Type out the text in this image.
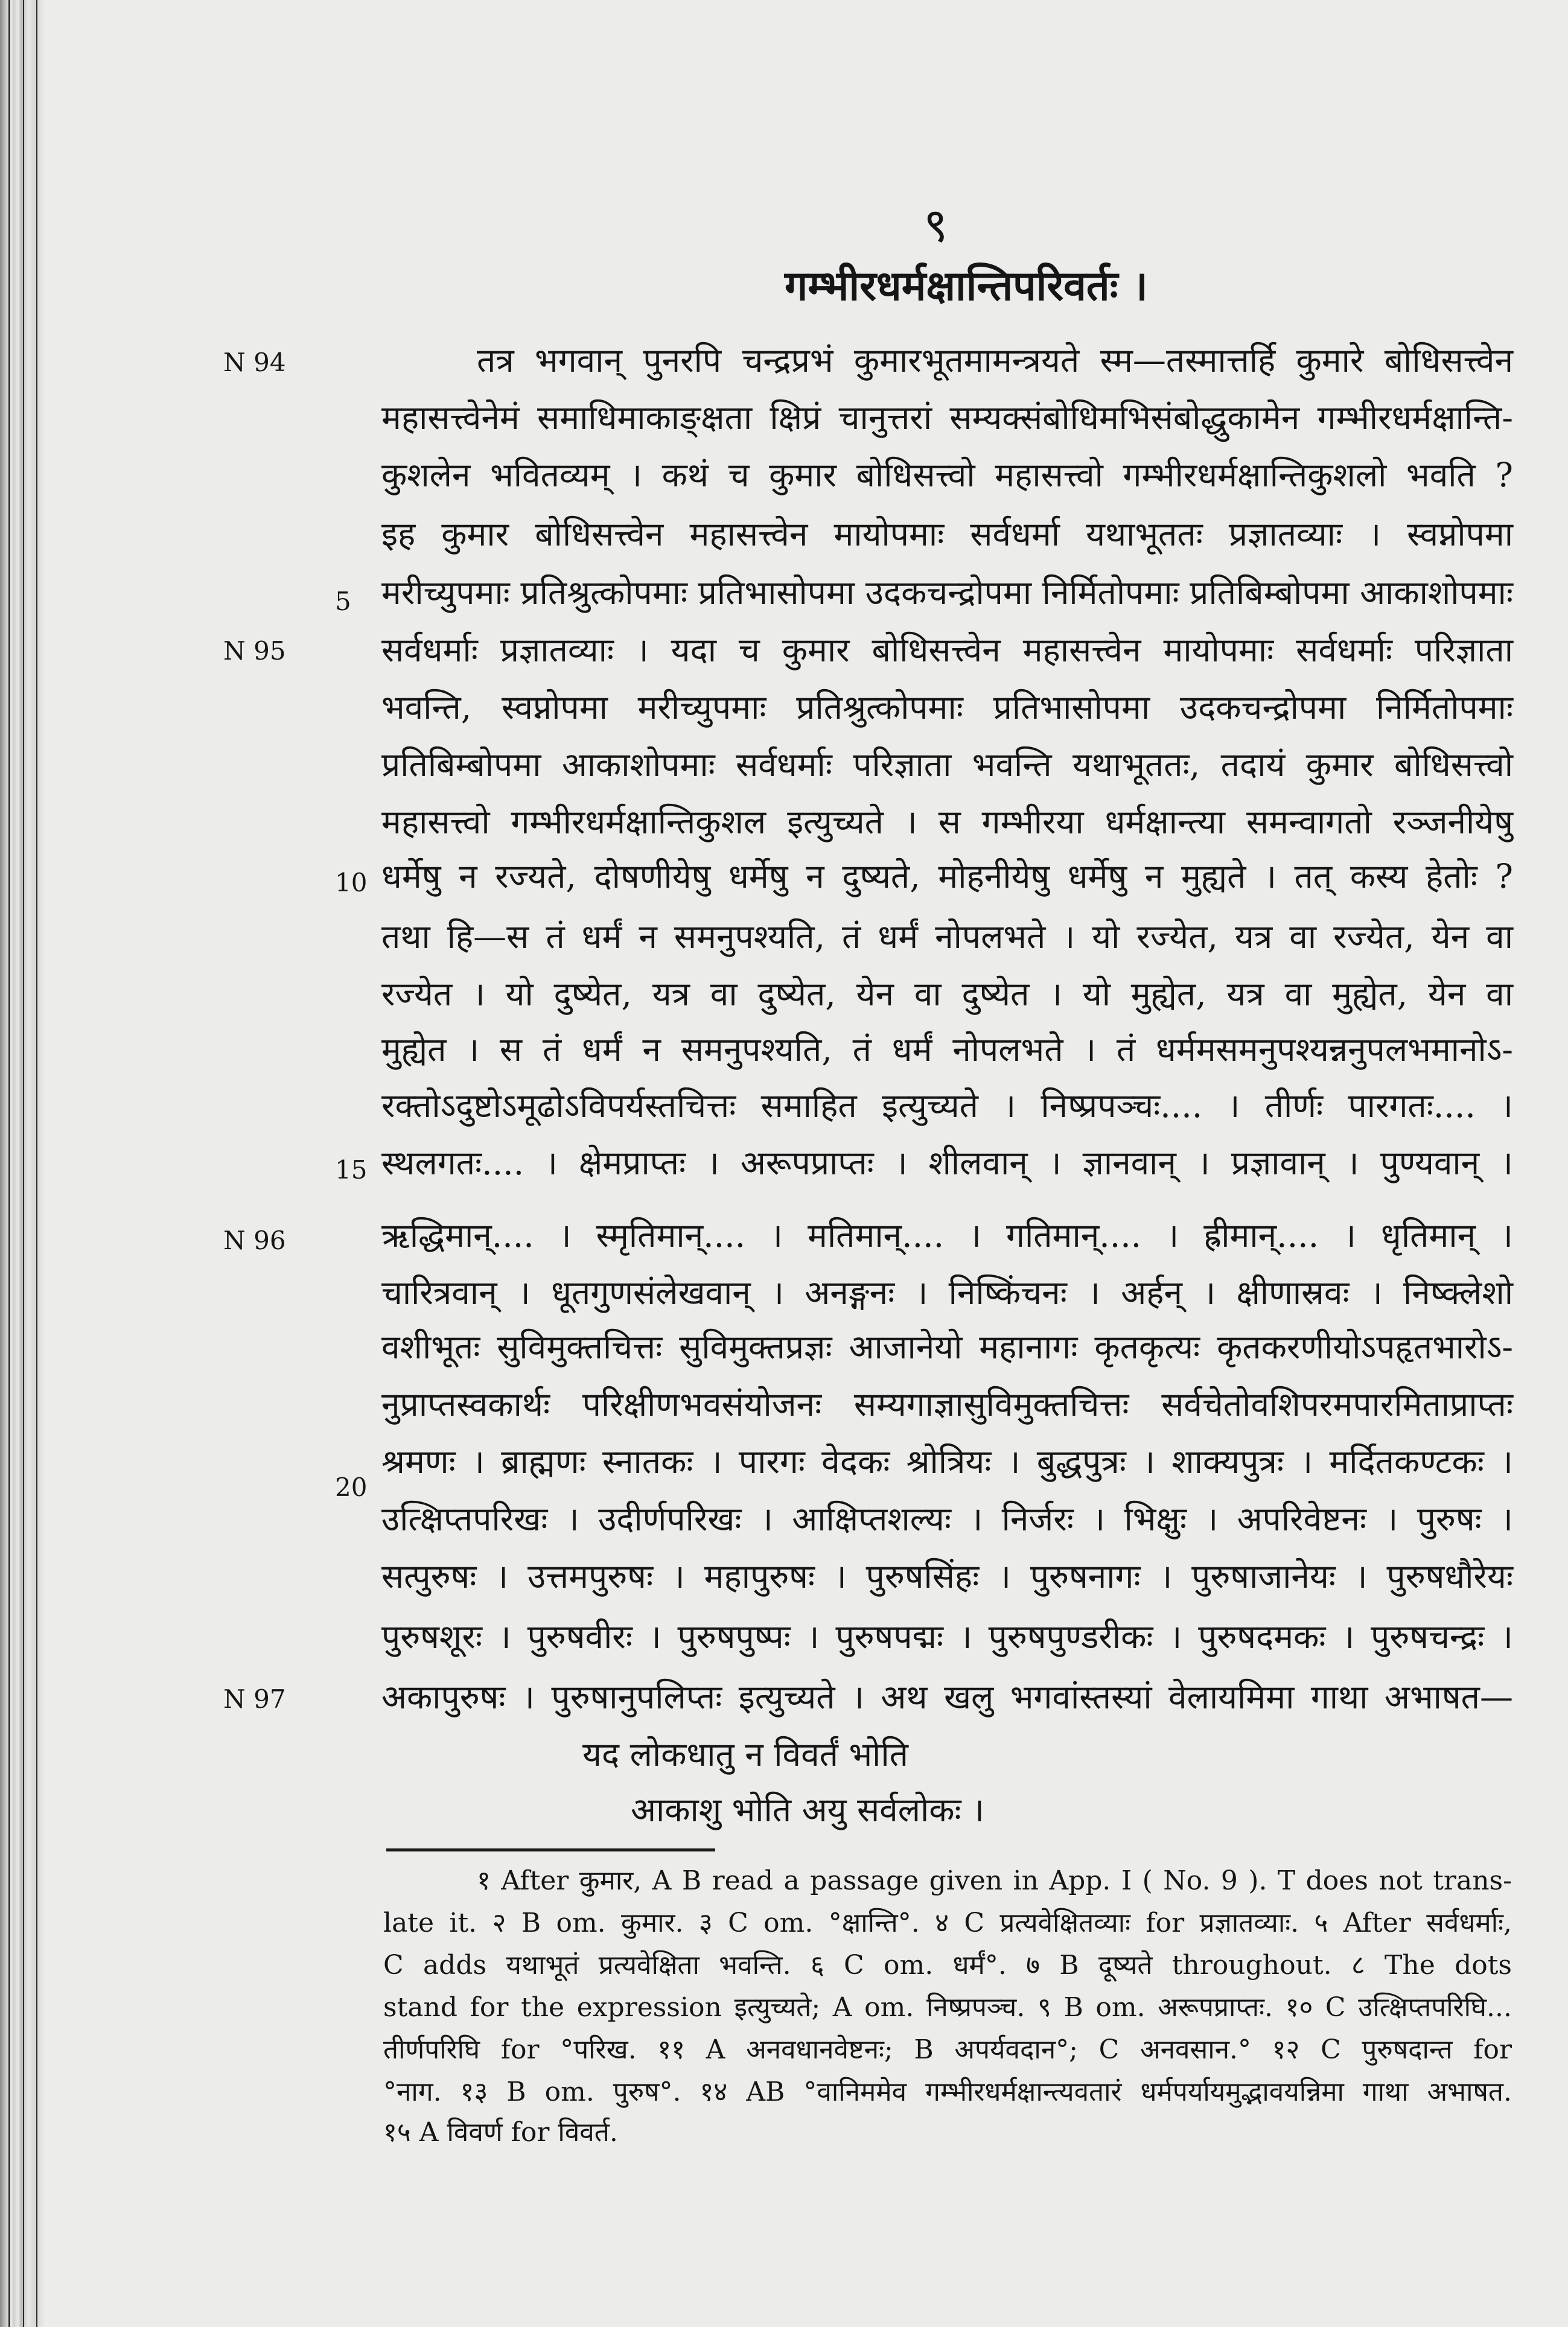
९
गम्भीरधर्मक्षान्तिपरिवर्तः ।
N 94
N 95
N 96
N 97
5
10
15
20
तत्र भगवान् पुनरपि चन्द्रप्रभं कुमारभूतमामन्त्रयते स्म—तस्मात्तर्हि कुमारे बोधिसत्त्वेन
महासत्त्वेनेमं समाधिमाकाङ्क्षता क्षिप्रं चानुत्तरां सम्यक्संबोधिमभिसंबोद्धुकामेन गम्भीरधर्मक्षान्ति-
कुशलेन भवितव्यम् । कथं च कुमार बोधिसत्त्वो महासत्त्वो गम्भीरधर्मक्षान्तिकुशलो भवति ?
इह कुमार बोधिसत्त्वेन महासत्त्वेन मायोपमाः सर्वधर्मा यथाभूततः प्रज्ञातव्याः । स्वप्नोपमा
मरीच्युपमाः प्रतिश्रुत्कोपमाः प्रतिभासोपमा उदकचन्द्रोपमा निर्मितोपमाः प्रतिबिम्बोपमा आकाशोपमाः
सर्वधर्माः प्रज्ञातव्याः । यदा च कुमार बोधिसत्त्वेन महासत्त्वेन मायोपमाः सर्वधर्माः परिज्ञाता
भवन्ति, स्वप्नोपमा मरीच्युपमाः प्रतिश्रुत्कोपमाः प्रतिभासोपमा उदकचन्द्रोपमा निर्मितोपमाः
प्रतिबिम्बोपमा आकाशोपमाः सर्वधर्माः परिज्ञाता भवन्ति यथाभूततः, तदायं कुमार बोधिसत्त्वो
महासत्त्वो गम्भीरधर्मक्षान्तिकुशल इत्युच्यते । स गम्भीरया धर्मक्षान्त्या समन्वागतो रञ्जनीयेषु
धर्मेषु न रज्यते, दोषणीयेषु धर्मेषु न दुष्यते, मोहनीयेषु धर्मेषु न मुह्यते । तत् कस्य हेतोः ?
तथा हि—स तं धर्मं न समनुपश्यति, तं धर्मं नोपलभते । यो रज्येत, यत्र वा रज्येत, येन वा
रज्येत । यो दुष्येत, यत्र वा दुष्येत, येन वा दुष्येत । यो मुह्येत, यत्र वा मुह्येत, येन वा
मुह्येत । स तं धर्मं न समनुपश्यति, तं धर्मं नोपलभते । तं धर्ममसमनुपश्यन्ननुपलभमानोऽ-
रक्तोऽदुष्टोऽमूढोऽविपर्यस्तचित्तः समाहित इत्युच्यते । निष्प्रपञ्चः.... । तीर्णः पारगतः.... ।
स्थलगतः.... । क्षेमप्राप्तः । अरूपप्राप्तः । शीलवान् । ज्ञानवान् । प्रज्ञावान् । पुण्यवान् ।
ऋद्धिमान्.... । स्मृतिमान्.... । मतिमान्.... । गतिमान्.... । ह्रीमान्.... । धृतिमान् ।
चारित्रवान् । धूतगुणसंलेखवान् । अनङ्गनः । निष्किंचनः । अर्हन् । क्षीणास्रवः । निष्क्लेशो
वशीभूतः सुविमुक्तचित्तः सुविमुक्तप्रज्ञः आजानेयो महानागः कृतकृत्यः कृतकरणीयोऽपहृतभारोऽ-
नुप्राप्तस्वकार्थः परिक्षीणभवसंयोजनः सम्यगाज्ञासुविमुक्तचित्तः सर्वचेतोवशिपरमपारमिताप्राप्तः
श्रमणः । ब्राह्मणः स्नातकः । पारगः वेदकः श्रोत्रियः । बुद्धपुत्रः । शाक्यपुत्रः । मर्दितकण्टकः ।
उत्क्षिप्तपरिखः । उदीर्णपरिखः । आक्षिप्तशल्यः । निर्जरः । भिक्षुः । अपरिवेष्टनः । पुरुषः ।
सत्पुरुषः । उत्तमपुरुषः । महापुरुषः । पुरुषसिंहः । पुरुषनागः । पुरुषाजानेयः । पुरुषधौरेयः
पुरुषशूरः । पुरुषवीरः । पुरुषपुष्पः । पुरुषपद्मः । पुरुषपुण्डरीकः । पुरुषदमकः । पुरुषचन्द्रः ।
अकापुरुषः । पुरुषानुपलिप्तः इत्युच्यते । अथ खलु भगवांस्तस्यां वेलायमिमा गाथा अभाषत—
यद लोकधातु न विवर्तं भोति
आकाशु भोति अयु सर्वलोकः ।
१ After कुमार, A B read a passage given in App. I ( No. 9 ). T does not trans-
late it. २ B om. कुमार. ३ C om. °क्षान्ति°. ४ C प्रत्यवेक्षितव्याः for प्रज्ञातव्याः. ५ After सर्वधर्माः,
C adds यथाभूतं प्रत्यवेक्षिता भवन्ति. ६ C om. धर्मं°. ७ B दूष्यते throughout. ८ The dots
stand for the expression इत्युच्यते; A om. निष्प्रपञ्च. ९ B om. अरूपप्राप्तः. १० C उत्क्षिप्तपरिघि...
तीर्णपरिघि for °परिख. ११ A अनवधानवेष्टनः; B अपर्यवदान°; C अनवसान.° १२ C पुरुषदान्त for
°नाग. १३ B om. पुरुष°. १४ AB °वानिममेव गम्भीरधर्मक्षान्त्यवतारं धर्मपर्यायमुद्भावयन्निमा गाथा अभाषत.
१५ A विवर्ण for विवर्त.
